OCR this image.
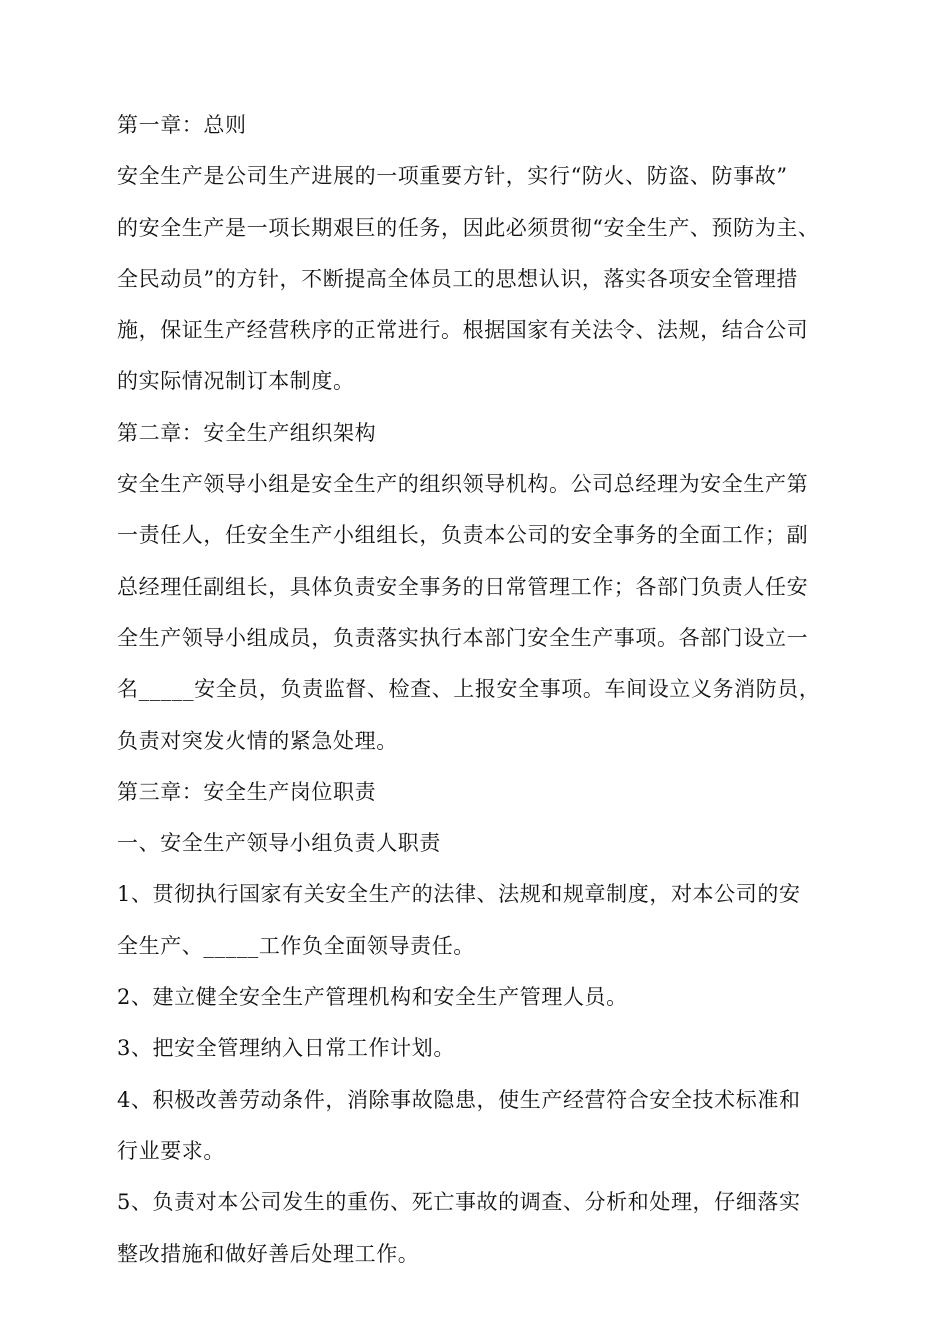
第一章：总则
安全生产是公司生产进展的一项重要方针，实行“防火、防盗、防事故”
的安全生产是一项长期艰巨的任务，因此必须贯彻“安全生产、预防为主、
全民动员”的方针，不断提高全体员工的思想认识，落实各项安全管理措
施，保证生产经营秩序的正常进行。根据国家有关法令、法规，结合公司
的实际情况制订本制度。
第二章：安全生产组织架构
安全生产领导小组是安全生产的组织领导机构。公司总经理为安全生产第
一责任人，任安全生产小组组长，负责本公司的安全事务的全面工作；副
总经理任副组长，具体负责安全事务的日常管理工作；各部门负责人任安
全生产领导小组成员，负责落实执行本部门安全生产事项。各部门设立一
名_____安全员，负责监督、检查、上报安全事项。车间设立义务消防员，
负责对突发火情的紧急处理。
第三章：安全生产岗位职责
一、安全生产领导小组负责人职责
1、贯彻执行国家有关安全生产的法律、法规和规章制度，对本公司的安
全生产、_____工作负全面领导责任。
2、建立健全安全生产管理机构和安全生产管理人员。
3、把安全管理纳入日常工作计划。
4、积极改善劳动条件，消除事故隐患，使生产经营符合安全技术标准和
行业要求。
5、负责对本公司发生的重伤、死亡事故的调查、分析和处理，仔细落实
整改措施和做好善后处理工作。
